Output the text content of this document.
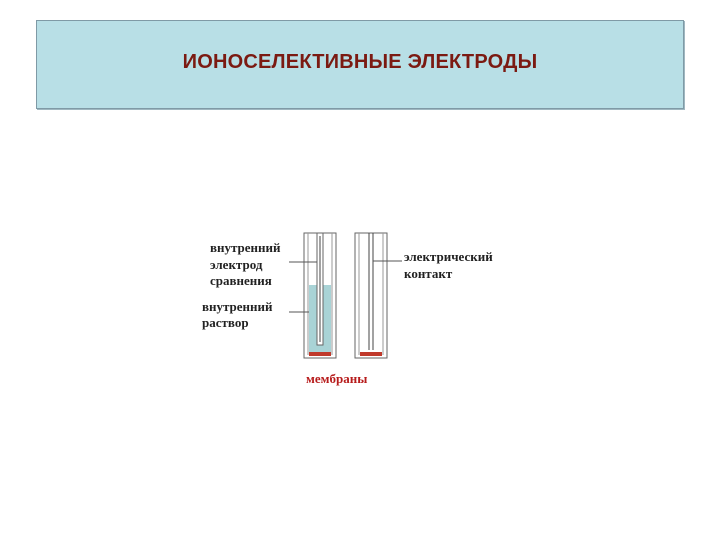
ИОНОСЕЛЕКТИВНЫЕ ЭЛЕКТРОДЫ
внутренний
электрод
сравнения
внутренний
раствор
электрический
контакт
мембраны
